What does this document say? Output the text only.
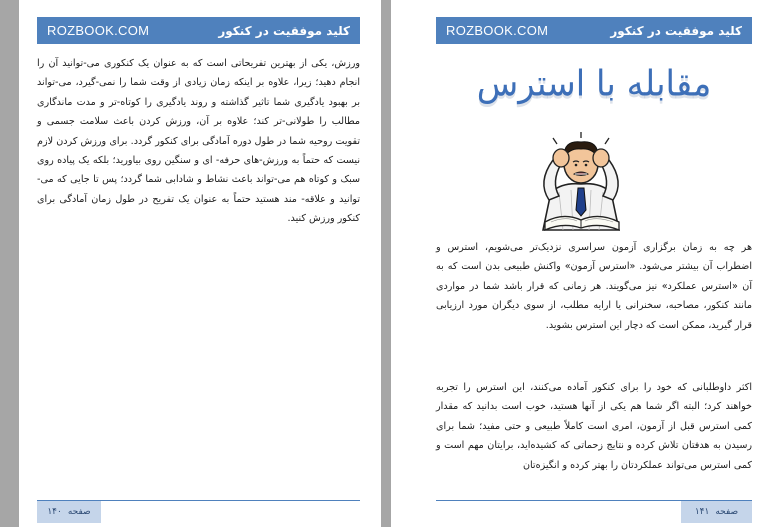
ROZBOOK.COM	کلید موفقیت در کنکور
ورزش، یکی از بهترین تفریحاتی است که به عنوان یک کنکوری می-توانید آن را انجام دهید؛ زیرا، علاوه بر اینکه زمان زیادی از وقت شما را نمی-گیرد، می-تواند بر بهبود یادگیری شما تاثیر گذاشته و روند یادگیری را کوتاه-تر و مدت ماندگاری مطالب را طولانی-تر کند؛ علاوه بر آن، ورزش کردن باعث سلامت جسمی و تقویت روحیه شما در طول دوره آمادگی برای کنکور گردد. برای ورزش کردن لازم نیست که حتماً به ورزش-های حرفه- ای و سنگین روی بیاورید؛ بلکه یک پیاده روی سبک و کوتاه هم می-تواند باعث نشاط و شادابی شما گردد؛ پس تا جایی که می-توانید و علاقه- مند هستید حتماً به عنوان یک تفریح در طول زمان آمادگی برای کنکور ورزش کنید.
صفحه
۱۴۰
ROZBOOK.COM	کلید موفقیت در کنکور
مقابله با استرس
هر چه به زمان برگزاری آزمون سراسری نزدیک‌تر می‌شویم، استرس و اضطراب آن بیشتر می‌شود. «استرس آزمون» واکنش طبیعی بدن است که به آن «استرس عملکرد» نیز می‌گویند. هر زمانی که قرار باشد شما در مواردی مانند کنکور، مصاحبه، سخنرانی یا ارایه مطلب، از سوی دیگران مورد ارزیابی قرار گیرید، ممکن است که دچار این استرس بشوید.
اکثر داوطلبانی که خود را برای کنکور آماده می‌کنند، این استرس را تجربه خواهند کرد؛ البته اگر شما هم یکی از آنها هستید، خوب است بدانید که مقدار کمی استرس قبل از آزمون، امری است کاملاً طبیعی و حتی مفید؛ شما برای رسیدن به هدفتان تلاش کرده و نتایج زحماتی که کشیده‌اید، برایتان مهم است و کمی استرس می‌تواند عملکردتان را بهتر کرده و انگیزه‌تان
صفحه
۱۴۱
